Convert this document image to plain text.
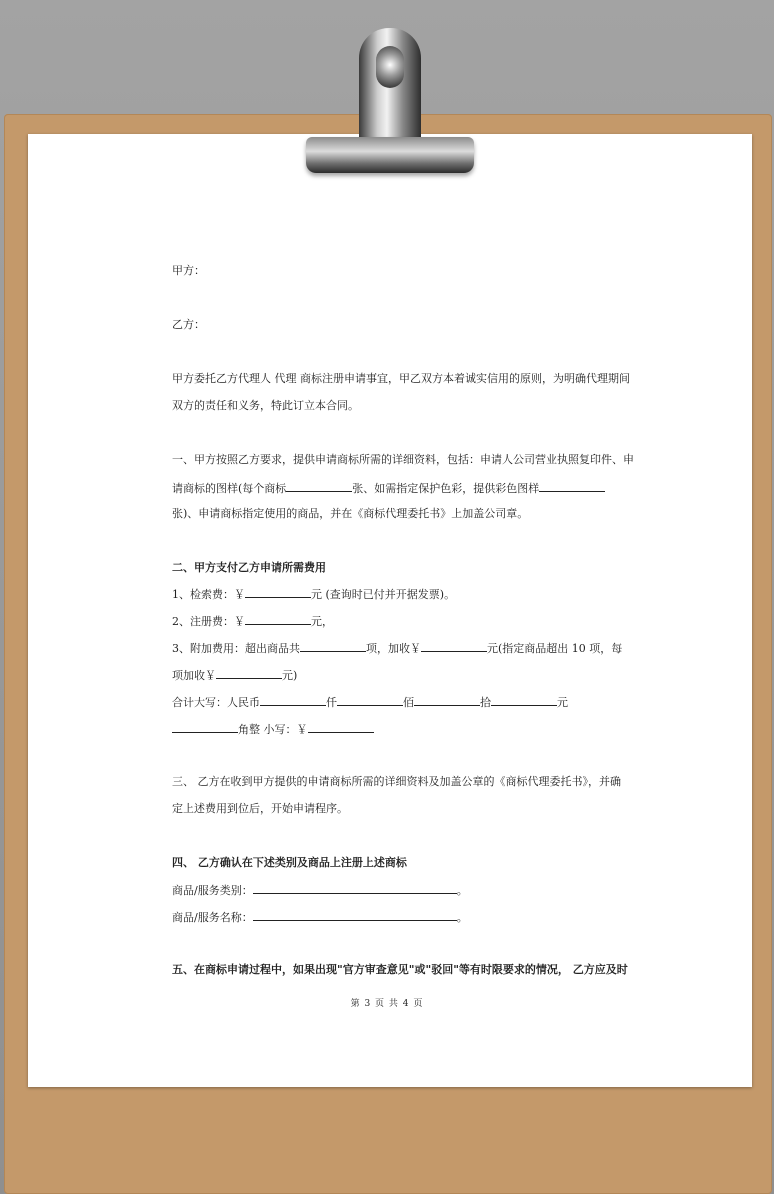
甲方：

乙方：

甲方委托乙方代理人 代理 商标注册申请事宜，甲乙双方本着诚实信用的原则，为明确代理期间

双方的责任和义务，特此订立本合同。

一、甲方按照乙方要求，提供申请商标所需的详细资料，包括：申请人公司营业执照复印件、申

请商标的图样(每个商标	张、如需指定保护色彩，提供彩色图样

张)、申请商标指定使用的商品，并在《商标代理委托书》上加盖公司章。

二、甲方支付乙方申请所需费用

1、检索费：￥	元 (查询时已付并开据发票)。

2、注册费：￥	元，

3、附加费用：超出商品共	项，加收￥	元(指定商品超出 10 项，每

项加收￥	元)

合计大写：人民币	仟	佰	拾	元

角整 小写：￥

三、 乙方在收到甲方提供的申请商标所需的详细资料及加盖公章的《商标代理委托书》，并确

定上述费用到位后，开始申请程序。

四、 乙方确认在下述类别及商品上注册上述商标

商品/服务类别：	。

商品/服务名称：	。

五、在商标申请过程中，如果出现"官方审查意见"或"驳回"等有时限要求的情况， 乙方应及时

第 3 页 共 4 页
